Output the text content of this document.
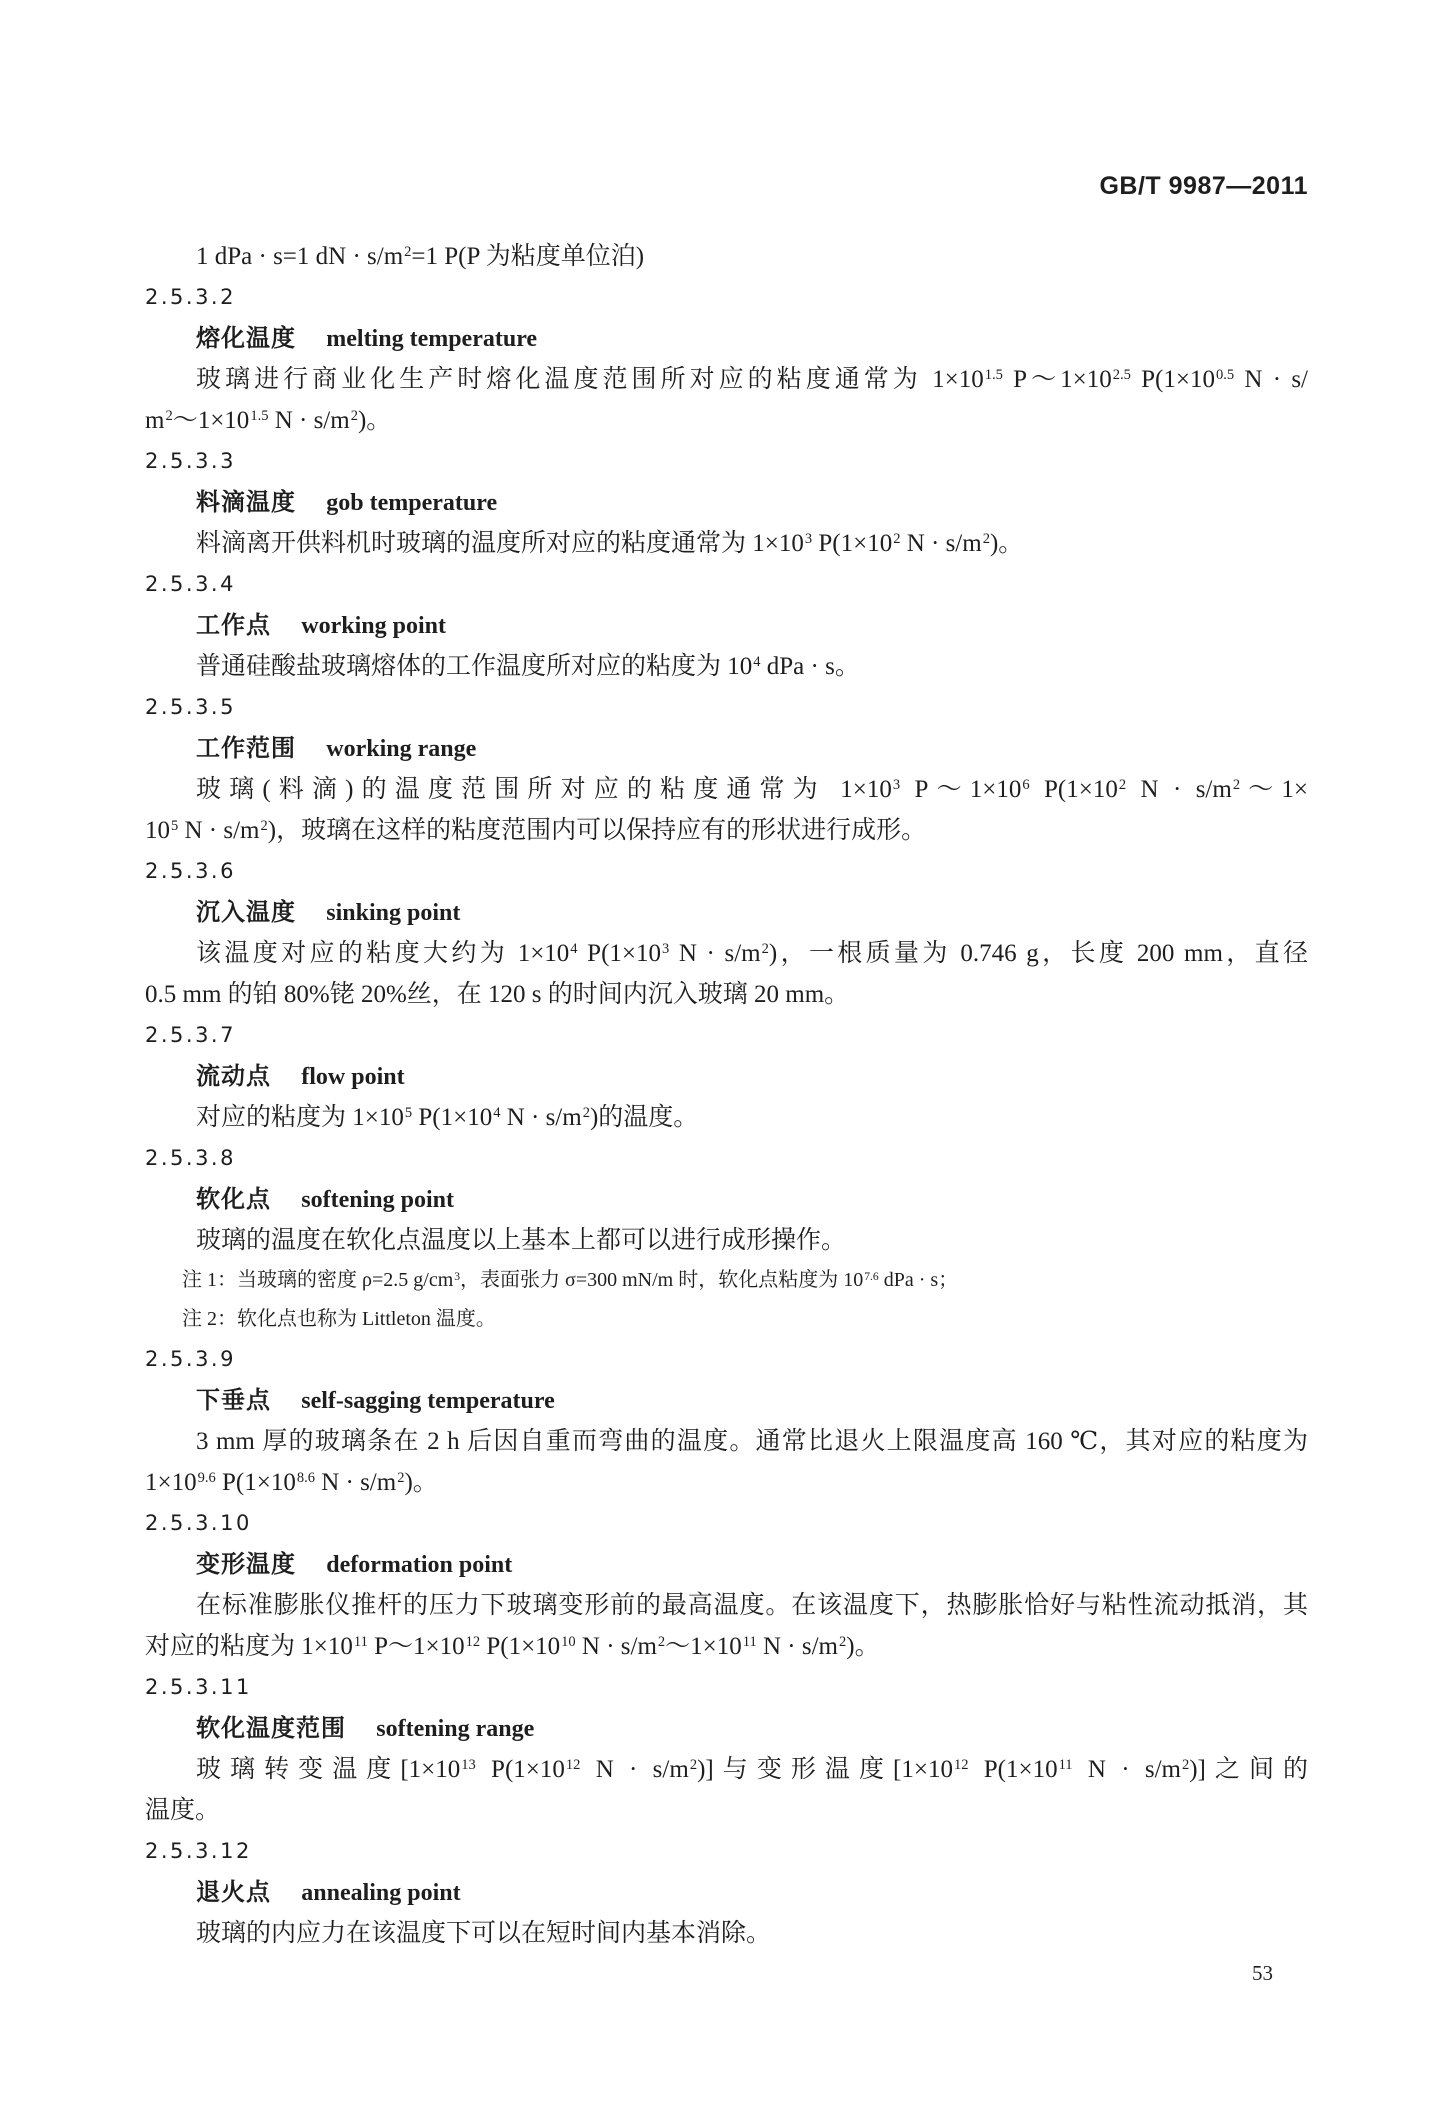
GB/T 9987—2011
1 dPa · s=1 dN · $s/m^2=1$ P(P 为粘度单位泊)
2.5.3.2
熔化温度 melting temperature
玻璃进行商业化生产时熔化温度范围所对应的粘度通常为 $1\times 10^{1.5}$ $P\sim 1\times 10^{2.5}$ $P(1\times 10^{0.5}$ N · s/
$m^2\sim 1\times 10^{1.5}$ $N \cdot s/m^2$)。
2.5.3.3
料滴温度 gob temperature
料滴离开供料机时玻璃的温度所对应的粘度通常为 $1\times 10^3$ $P(1\times 10^2$ $N \cdot s/m^2$)。
2.5.3.4
工作点 working point
普通硅酸盐玻璃熔体的工作温度所对应的粘度为 $10^4$ dPa · s。
2.5.3.5
工作范围 working range
玻璃(料滴)的温度范围所对应的粘度通常为 $1\times 10^3$ $P\sim 1\times 10^6$ $P(1\times 10^2$ $N \cdot s/m^2\sim 1\times$
$10^5$ $N \cdot s/m^2$)，玻璃在这样的粘度范围内可以保持应有的形状进行成形。
2.5.3.6
沉入温度 sinking point
该温度对应的粘度大约为 $1\times 10^4$ $P(1\times 10^3$ $N \cdot s/m^2$)，一根质量为 0.746 g，长度 200 mm，直径
0.5 mm 的铂 80%铑 20%丝，在 120 s 的时间内沉入玻璃 20 mm。
2.5.3.7
流动点 flow point
对应的粘度为 $1\times 10^5$ $P(1\times 10^4$ $N \cdot s/m^2$)的温度。
2.5.3.8
软化点 softening point
玻璃的温度在软化点温度以上基本上都可以进行成形操作。
注 1：当玻璃的密度 ρ=2.5 $g/cm^3$，表面张力 σ=300 mN/m 时，软化点粘度为 $10^{7.6}$ dPa · s；
注 2：软化点也称为 Littleton 温度。
2.5.3.9
下垂点 self-sagging temperature
3 mm 厚的玻璃条在 2 h 后因自重而弯曲的温度。通常比退火上限温度高 160 ℃，其对应的粘度为
$1\times 10^{9.6}$ $P(1\times 10^{8.6}$ $N \cdot s/m^2$)。
2.5.3.10
变形温度 deformation point
在标准膨胀仪推杆的压力下玻璃变形前的最高温度。在该温度下，热膨胀恰好与粘性流动抵消，其
对应的粘度为 $1\times 10^{11}$ $P\sim 1\times 10^{12}$ $P(1\times 10^{10}$ $N \cdot s/m^2\sim 1\times 10^{11}$ $N \cdot s/m^2$)。
2.5.3.11
软化温度范围 softening range
玻璃转变温度[$1\times 10^{13}$ $P(1\times 10^{12}$ $N \cdot s/m^2$)]与变形温度[$1\times 10^{12}$ $P(1\times 10^{11}$ $N \cdot s/m^2$)]之间的
温度。
2.5.3.12
退火点 annealing point
玻璃的内应力在该温度下可以在短时间内基本消除。
53
